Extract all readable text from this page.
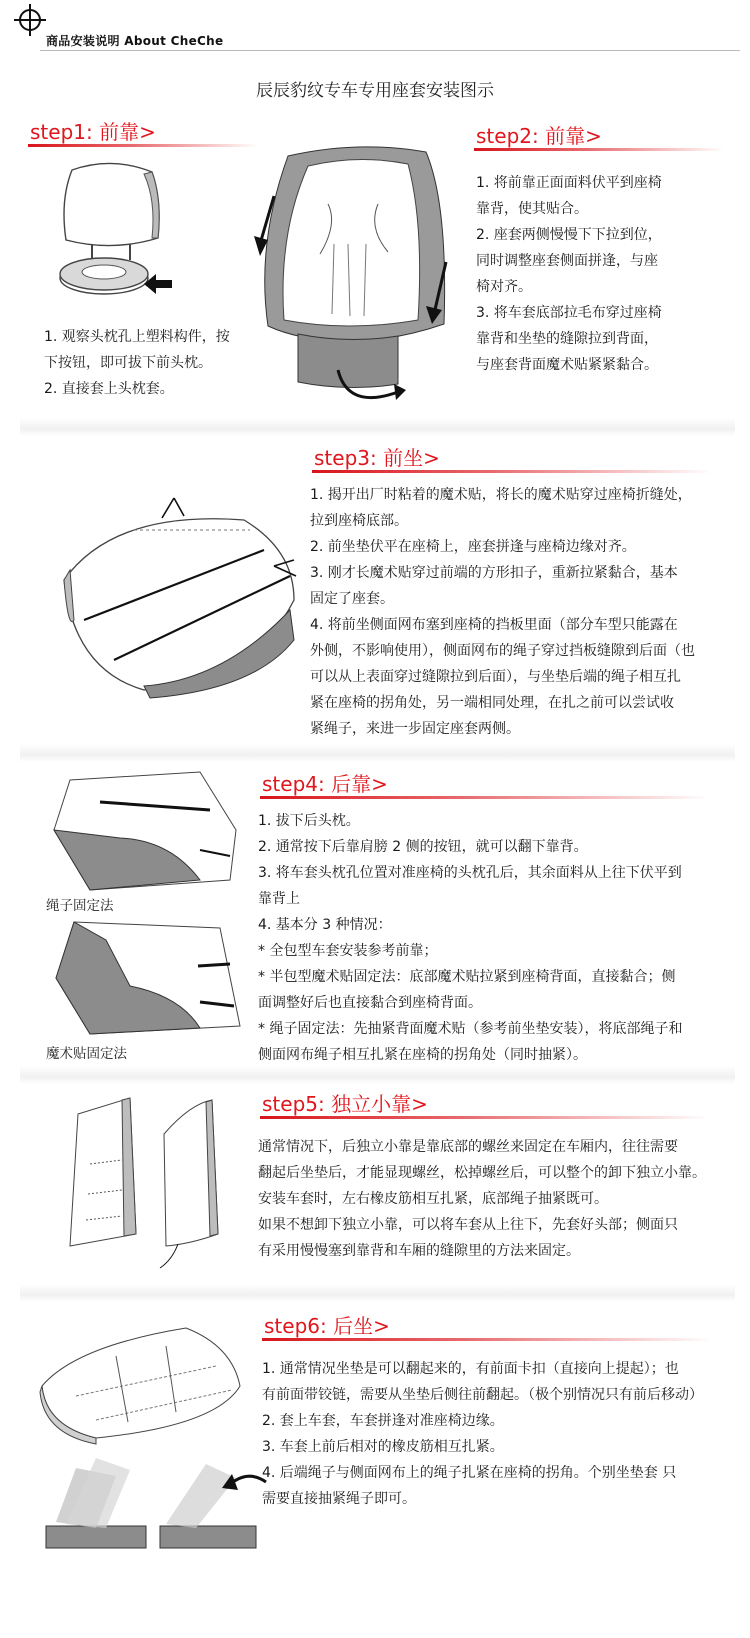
商品安装说明 About CheChe
辰辰豹纹专车专用座套安装图示
step1: 前靠>

1. 观察头枕孔上塑料构件，按

下按钮，即可拔下前头枕。

2. 直接套上头枕套。

step2: 前靠>

1. 将前靠正面面料伏平到座椅

靠背，使其贴合。

2. 座套两侧慢慢下下拉到位，

同时调整座套侧面拼逢，与座

椅对齐。

3. 将车套底部拉毛布穿过座椅

靠背和坐垫的缝隙拉到背面，

与座套背面魔术贴紧紧黏合。

step3: 前坐>

1. 揭开出厂时粘着的魔术贴，将长的魔术贴穿过座椅折缝处，

拉到座椅底部。

2. 前坐垫伏平在座椅上，座套拼逢与座椅边缘对齐。

3. 刚才长魔术贴穿过前端的方形扣子，重新拉紧黏合，基本

固定了座套。

4. 将前坐侧面网布塞到座椅的挡板里面（部分车型只能露在

外侧，不影响使用），侧面网布的绳子穿过挡板缝隙到后面（也

可以从上表面穿过缝隙拉到后面），与坐垫后端的绳子相互扎

紧在座椅的拐角处，另一端相同处理，在扎之前可以尝试收

紧绳子，来进一步固定座套两侧。

step4: 后靠>
绳子固定法
魔术贴固定法

1. 拔下后头枕。

2. 通常按下后靠肩膀 2 侧的按钮，就可以翻下靠背。

3. 将车套头枕孔位置对准座椅的头枕孔后，其余面料从上往下伏平到

靠背上

4. 基本分 3 种情况：

* 全包型车套安装参考前靠；

* 半包型魔术贴固定法：底部魔术贴拉紧到座椅背面，直接黏合；侧

面调整好后也直接黏合到座椅背面。

* 绳子固定法：先抽紧背面魔术贴（参考前坐垫安装），将底部绳子和

侧面网布绳子相互扎紧在座椅的拐角处（同时抽紧）。

step5: 独立小靠>

通常情况下，后独立小靠是靠底部的螺丝来固定在车厢内，往往需要

翻起后坐垫后，才能显现螺丝，松掉螺丝后，可以整个的卸下独立小靠。

安装车套时，左右橡皮筋相互扎紧，底部绳子抽紧既可。

如果不想卸下独立小靠，可以将车套从上往下，先套好头部；侧面只

有采用慢慢塞到靠背和车厢的缝隙里的方法来固定。

step6: 后坐>

1. 通常情况坐垫是可以翻起来的，有前面卡扣（直接向上提起）；也

有前面带铰链，需要从坐垫后侧往前翻起。（极个别情况只有前后移动）

2. 套上车套，车套拼逢对准座椅边缘。

3. 车套上前后相对的橡皮筋相互扎紧。

4. 后端绳子与侧面网布上的绳子扎紧在座椅的拐角。个别坐垫套 只

需要直接抽紧绳子即可。
